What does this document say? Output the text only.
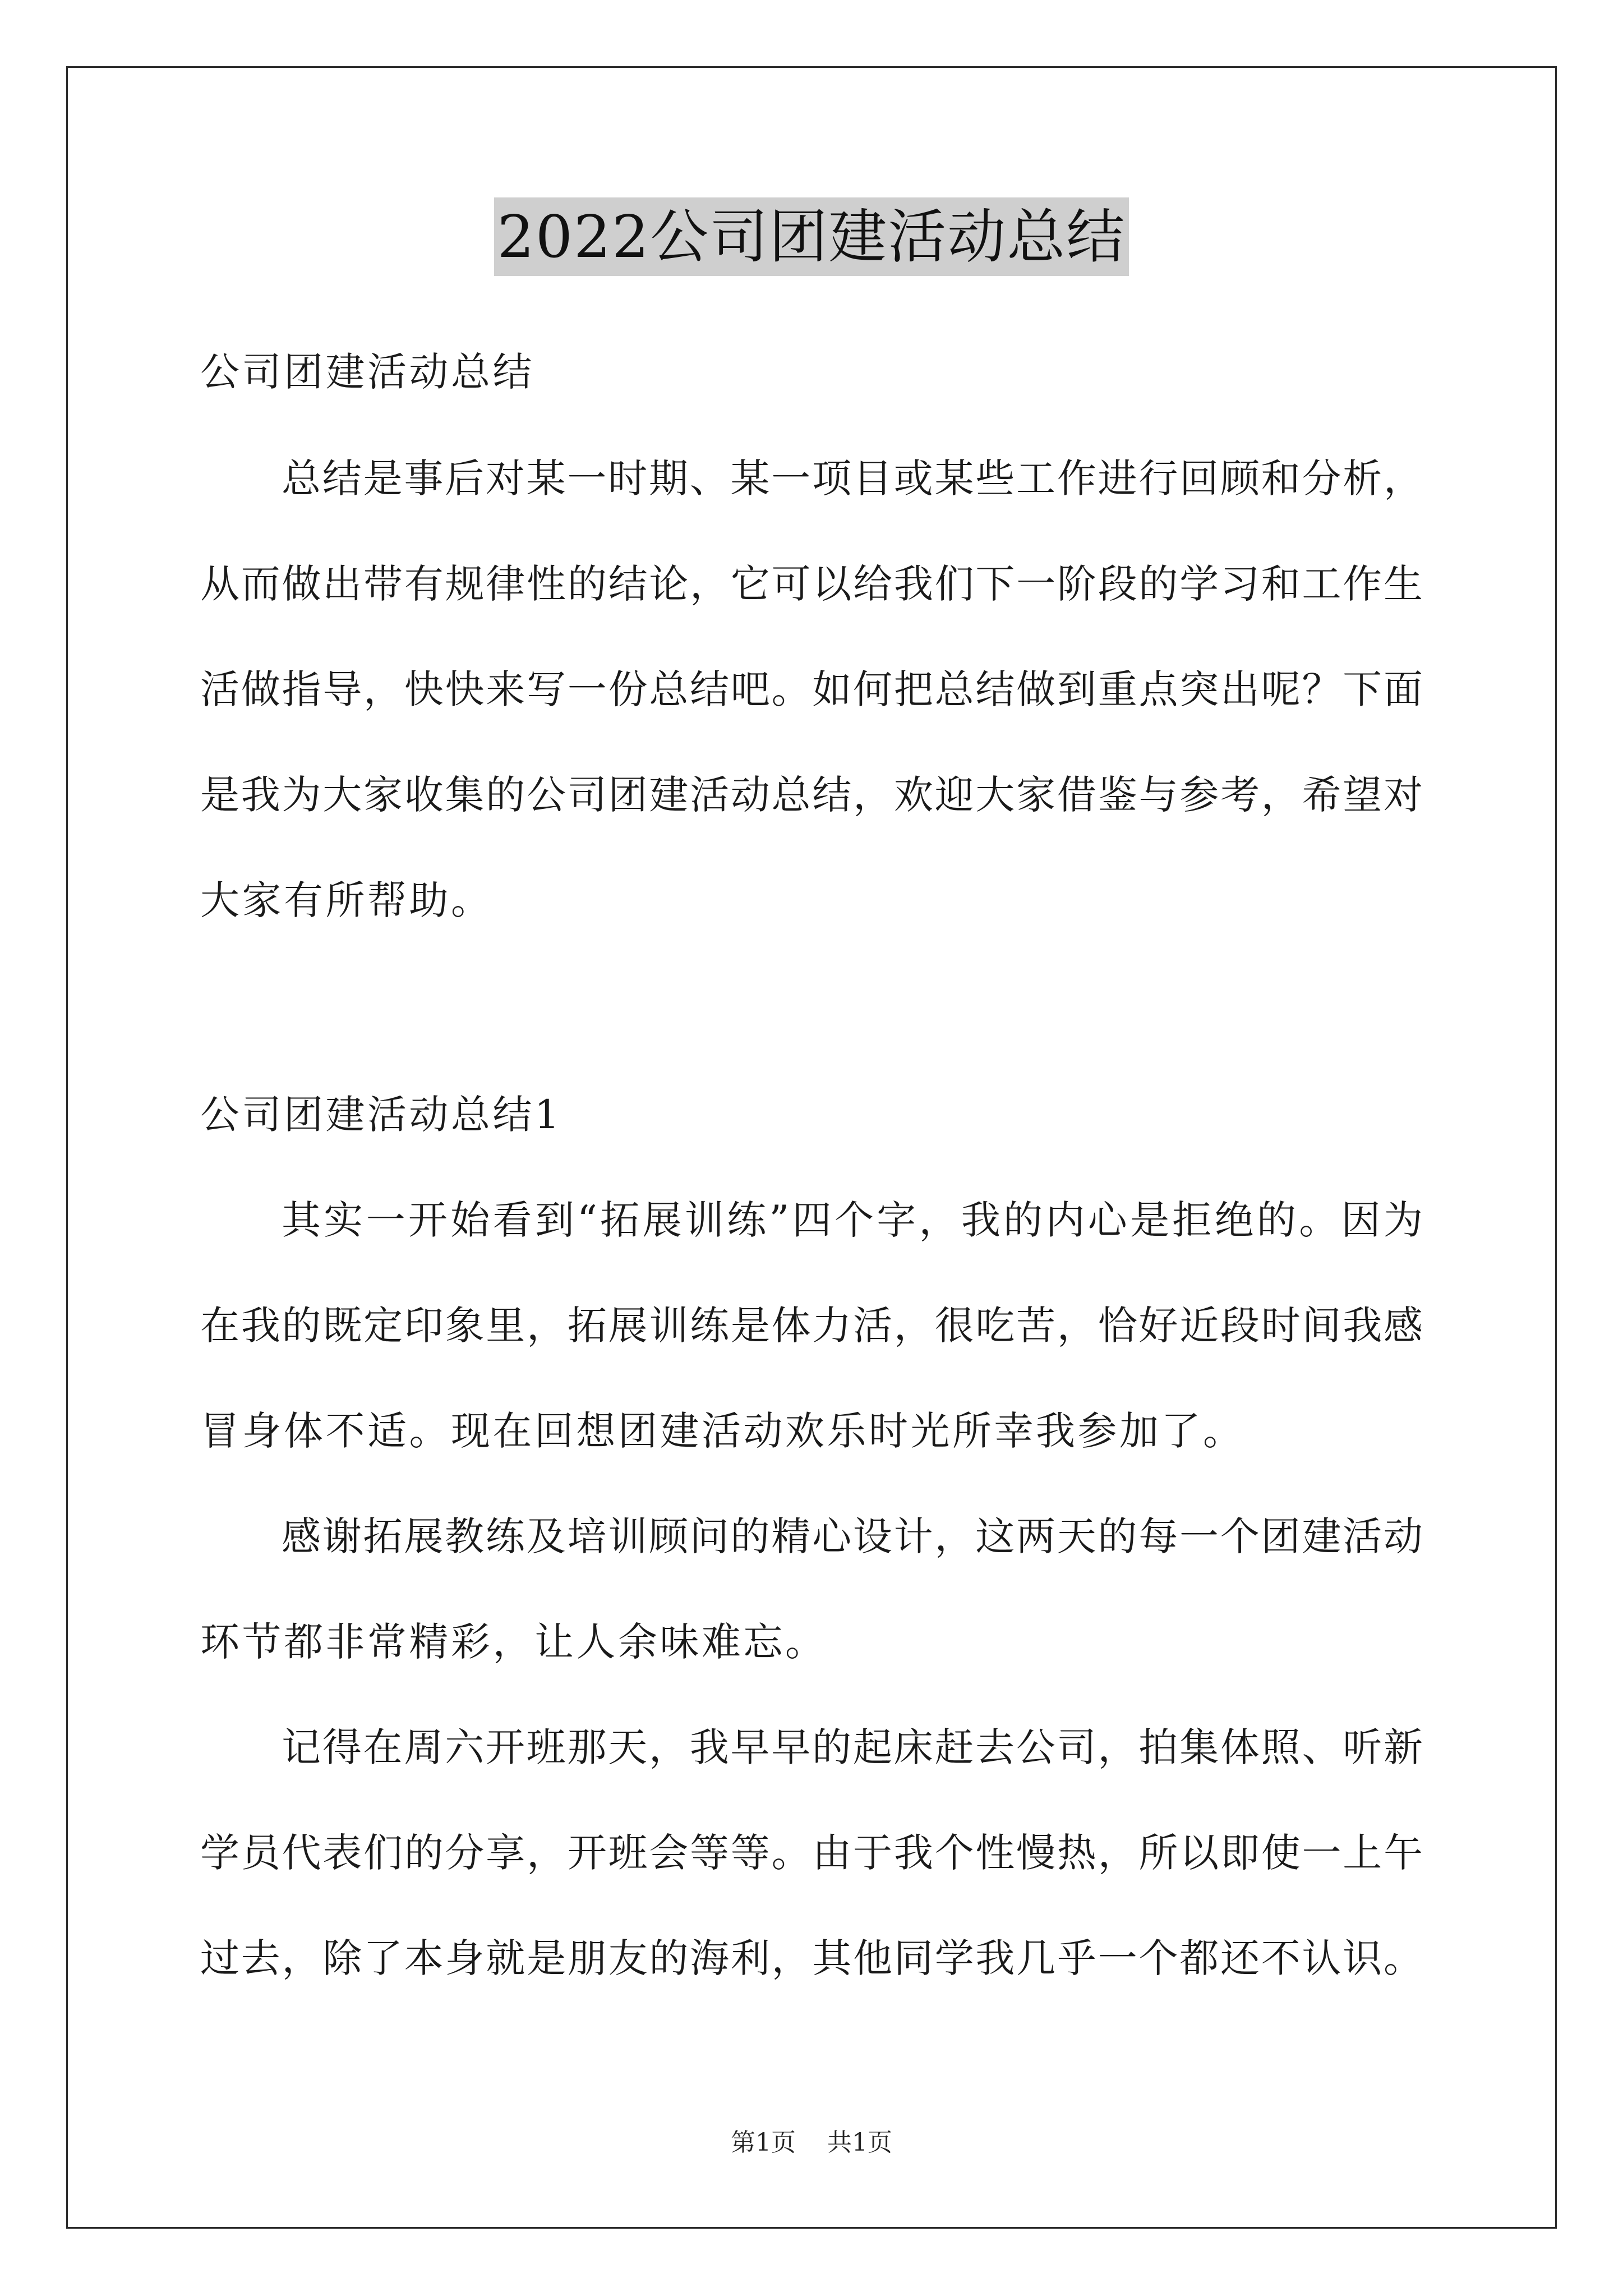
2022公司团建活动总结
公司团建活动总结
总结是事后对某一时期、某一项目或某些工作进行回顾和分析，
从而做出带有规律性的结论，它可以给我们下一阶段的学习和工作生
活做指导，快快来写一份总结吧。如何把总结做到重点突出呢？下面
是我为大家收集的公司团建活动总结，欢迎大家借鉴与参考，希望对
大家有所帮助。
公司团建活动总结1
其实一开始看到“拓展训练”四个字，我的内心是拒绝的。因为
在我的既定印象里，拓展训练是体力活，很吃苦，恰好近段时间我感
冒身体不适。现在回想团建活动欢乐时光所幸我参加了。
感谢拓展教练及培训顾问的精心设计，这两天的每一个团建活动
环节都非常精彩，让人余味难忘。
记得在周六开班那天，我早早的起床赶去公司，拍集体照、听新
学员代表们的分享，开班会等等。由于我个性慢热，所以即使一上午
过去，除了本身就是朋友的海利，其他同学我几乎一个都还不认识。
第1页 共1页
